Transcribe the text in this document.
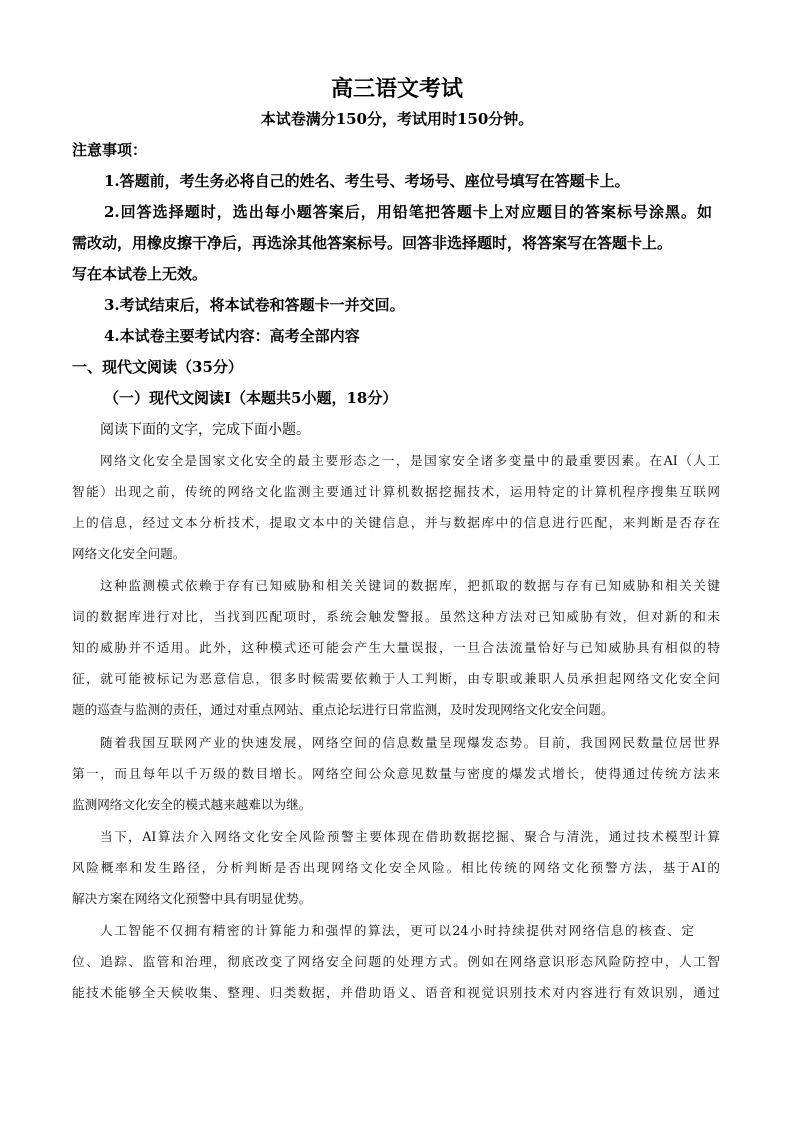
高三语文考试
本试卷满分150分，考试用时150分钟。
注意事项：
1.答题前，考生务必将自己的姓名、考生号、考场号、座位号填写在答题卡上。
2.回答选择题时，选出每小题答案后，用铅笔把答题卡上对应题目的答案标号涂黑。如
需改动，用橡皮擦干净后，再选涂其他答案标号。回答非选择题时，将答案写在答题卡上。
写在本试卷上无效。
3.考试结束后，将本试卷和答题卡一并交回。
4.本试卷主要考试内容：高考全部内容
一、现代文阅读（35分）
（一）现代文阅读Ⅰ（本题共5小题，18分）
阅读下面的文字，完成下面小题。
网络文化安全是国家文化安全的最主要形态之一，是国家安全诸多变量中的最重要因素。在AI（人工
智能）出现之前，传统的网络文化监测主要通过计算机数据挖掘技术，运用特定的计算机程序搜集互联网
上的信息，经过文本分析技术，提取文本中的关键信息，并与数据库中的信息进行匹配，来判断是否存在
网络文化安全问题。
这种监测模式依赖于存有已知威胁和相关关键词的数据库，把抓取的数据与存有已知威胁和相关关键
词的数据库进行对比，当找到匹配项时，系统会触发警报。虽然这种方法对已知威胁有效，但对新的和未
知的威胁并不适用。此外，这种模式还可能会产生大量误报，一旦合法流量恰好与已知威胁具有相似的特
征，就可能被标记为恶意信息，很多时候需要依赖于人工判断，由专职或兼职人员承担起网络文化安全问
题的巡查与监测的责任，通过对重点网站、重点论坛进行日常监测，及时发现网络文化安全问题。
随着我国互联网产业的快速发展，网络空间的信息数量呈现爆发态势。目前，我国网民数量位居世界
第一，而且每年以千万级的数目增长。网络空间公众意见数量与密度的爆发式增长，使得通过传统方法来
监测网络文化安全的模式越来越难以为继。
当下，AI算法介入网络文化安全风险预警主要体现在借助数据挖掘、聚合与清洗，通过技术模型计算
风险概率和发生路径，分析判断是否出现网络文化安全风险。相比传统的网络文化预警方法，基于AI的
解决方案在网络文化预警中具有明显优势。
人工智能不仅拥有精密的计算能力和强悍的算法，更可以24小时持续提供对网络信息的核查、定
位、追踪、监管和治理，彻底改变了网络安全问题的处理方式。例如在网络意识形态风险防控中，人工智
能技术能够全天候收集、整理、归类数据，并借助语义、语音和视觉识别技术对内容进行有效识别，通过
